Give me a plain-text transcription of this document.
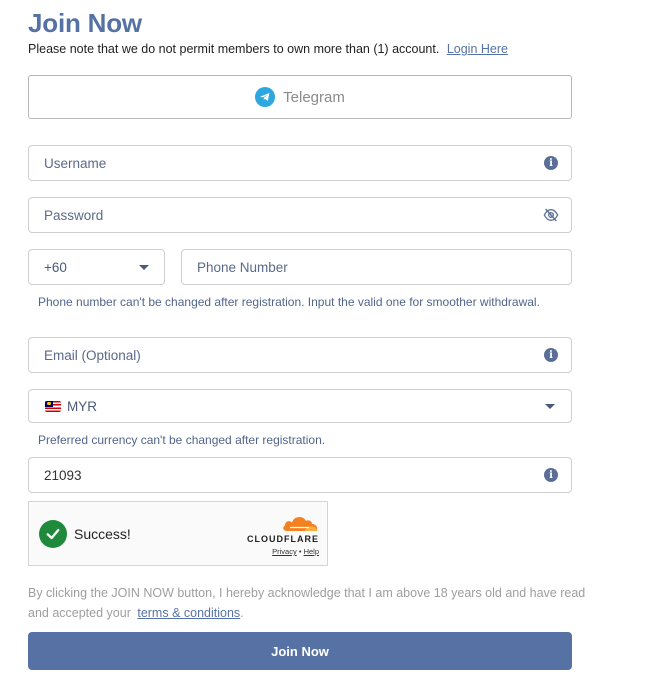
Join Now
Please note that we do not permit members to own more than (1) account. Login Here
Telegram
Username
i
+60
Phone Number
Phone number can't be changed after registration. Input the valid one for smoother withdrawal.
Email (Optional)
i
MYR
Preferred currency can't be changed after registration.
21093
i
Success!	CLOUDFLARE
Privacy • Help
By clicking the JOIN NOW button, I hereby acknowledge that I am above 18 years old and have read and accepted your terms & conditions.
Join Now
